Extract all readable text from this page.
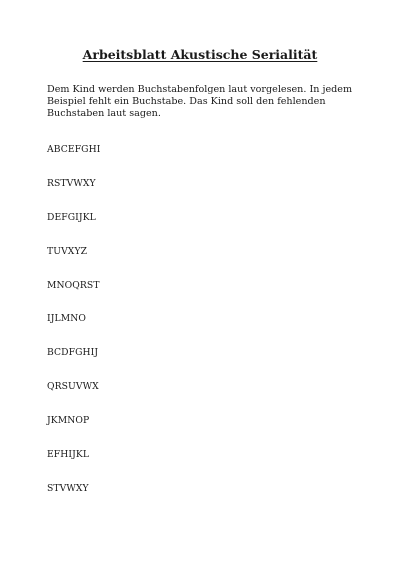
Arbeitsblatt Akustische Serialität

Dem Kind werden Buchstabenfolgen laut vorgelesen. In jedem Beispiel fehlt ein Buchstabe. Das Kind soll den fehlenden Buchstaben laut sagen.

ABCEFGHI
RSTVWXY
DEFGIJKL
TUVXYZ
MNOQRST
IJLMNO
BCDFGHIJ
QRSUVWX
JKMNOP
EFHIJKL
STVWXY
